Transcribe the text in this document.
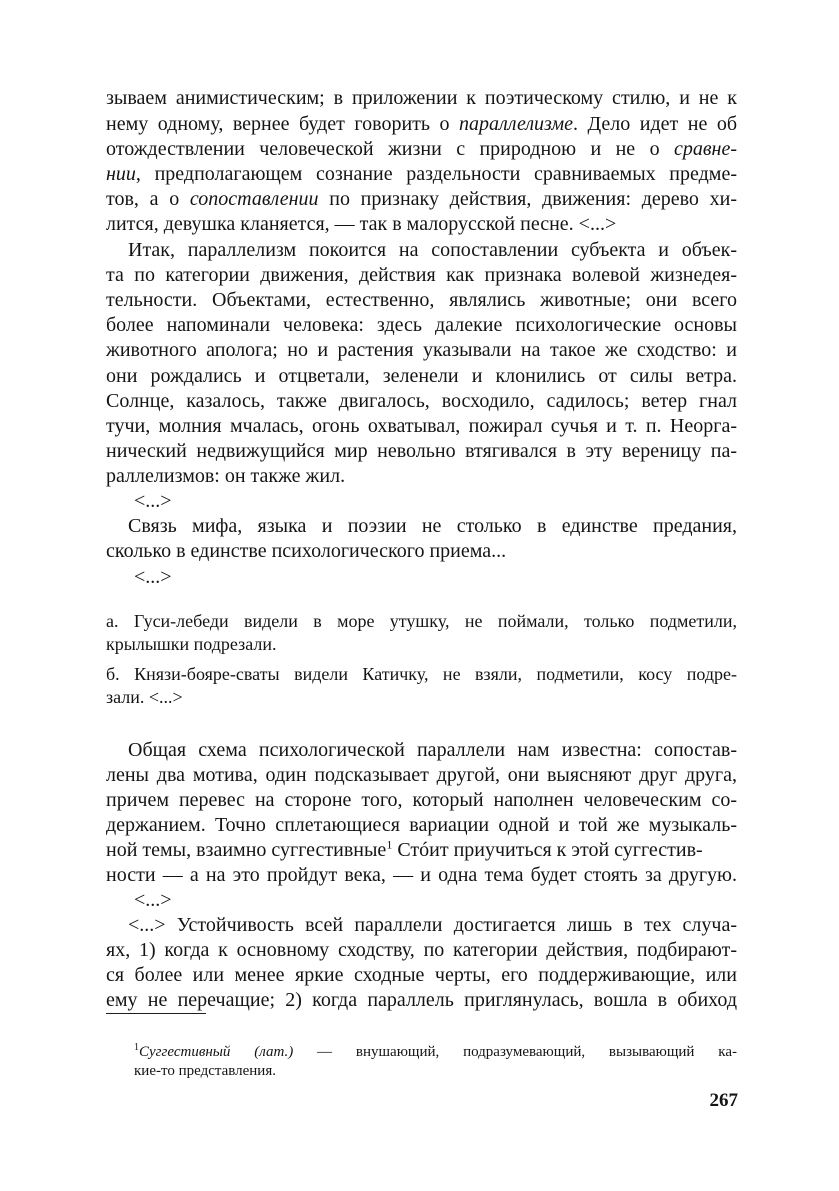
зываем анимистическим; в приложении к поэтическому стилю, и не к
нему одному, вернее будет говорить о параллелизме. Дело идет не об
отождествлении человеческой жизни с природною и не о сравне-
нии, предполагающем сознание раздельности сравниваемых предме-
тов, а о сопоставлении по признаку действия, движения: дерево хи-
лится, девушка кланяется, — так в малорусской песне. <...>
Итак, параллелизм покоится на сопоставлении субъекта и объек-
та по категории движения, действия как признака волевой жизнедея-
тельности. Объектами, естественно, являлись животные; они всего
более напоминали человека: здесь далекие психологические основы
животного аполога; но и растения указывали на такое же сходство: и
они рождались и отцветали, зеленели и клонились от силы ветра.
Солнце, казалось, также двигалось, восходило, садилось; ветер гнал
тучи, молния мчалась, огонь охватывал, пожирал сучья и т. п. Неорга-
нический недвижущийся мир невольно втягивался в эту вереницу па-
раллелизмов: он также жил.
<...>
Связь мифа, языка и поэзии не столько в единстве предания,
сколько в единстве психологического приема...
<...>
а. Гуси-лебеди видели в море утушку, не поймали, только подметили,
крылышки подрезали.
б. Князи-бояре-сваты видели Катичку, не взяли, подметили, косу подре-
зали. <...>
Общая схема психологической параллели нам известна: сопостав-
лены два мотива, один подсказывает другой, они выясняют друг друга,
причем перевес на стороне того, который наполнен человеческим со-
держанием. Точно сплетающиеся вариации одной и той же музыкаль-
ной темы, взаимно суггестивные$^1$ Стóит приучиться к этой суггестив-
ности — а на это пройдут века, — и одна тема будет стоять за другую.
<...>
<...> Устойчивость всей параллели достигается лишь в тех случа-
ях, 1) когда к основному сходству, по категории действия, подбирают-
ся более или менее яркие сходные черты, его поддерживающие, или
ему не перечащие; 2) когда параллель приглянулась, вошла в обиход
$^1$Суггестивный (лат.) — внушающий, подразумевающий, вызывающий ка-
кие-то представления.
267
